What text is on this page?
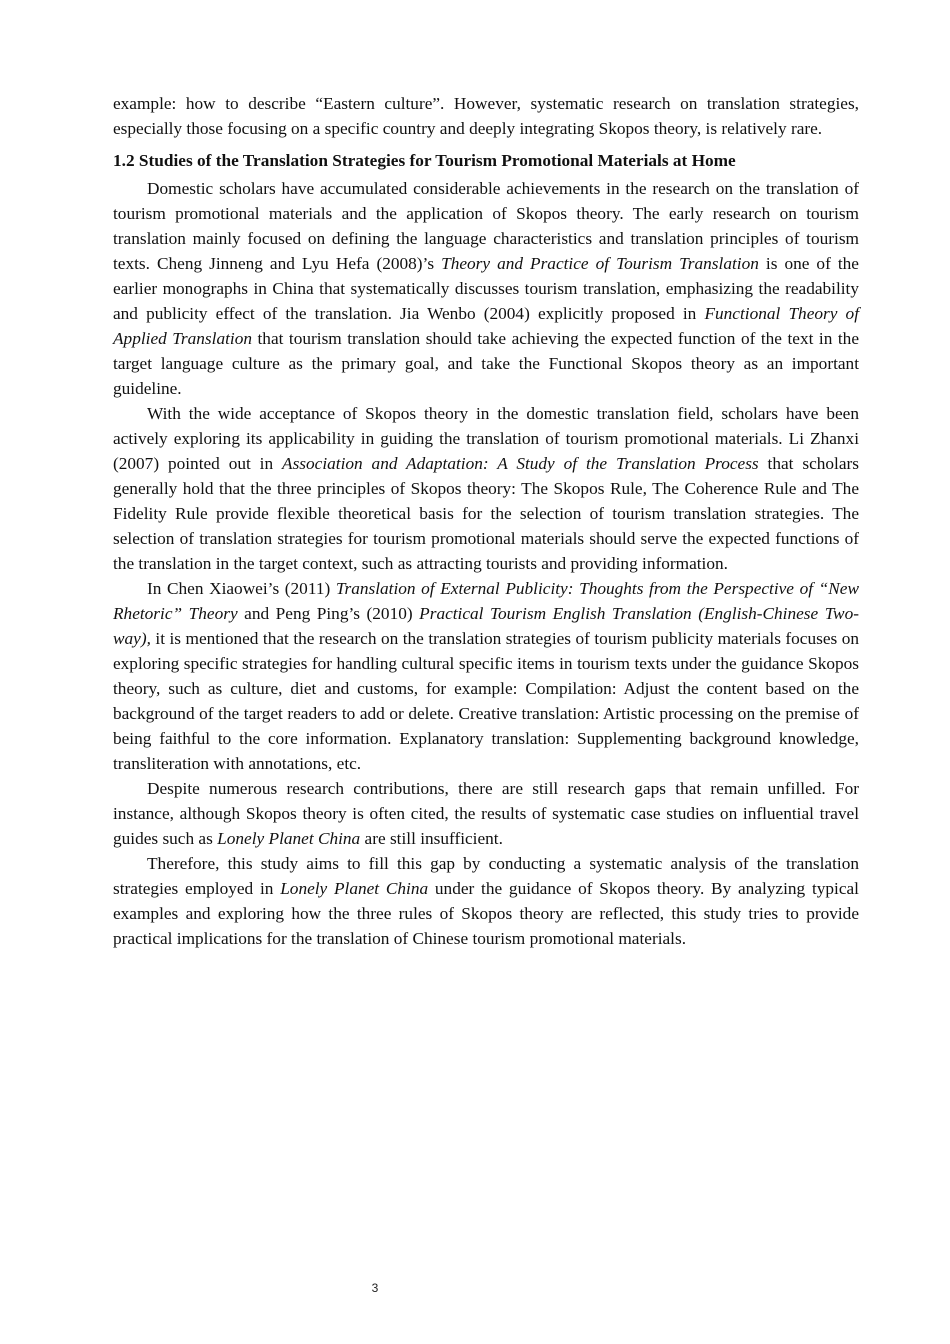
example: how to describe “Eastern culture”. However, systematic research on translation strategies, especially those focusing on a specific country and deeply integrating Skopos theory, is relatively rare.

1.2 Studies of the Translation Strategies for Tourism Promotional Materials at Home

Domestic scholars have accumulated considerable achievements in the research on the translation of tourism promotional materials and the application of Skopos theory. The early research on tourism translation mainly focused on defining the language characteristics and translation principles of tourism texts. Cheng Jinneng and Lyu Hefa (2008)’s Theory and Practice of Tourism Translation is one of the earlier monographs in China that systematically discusses tourism translation, emphasizing the readability and publicity effect of the translation. Jia Wenbo (2004) explicitly proposed in Functional Theory of Applied Translation that tourism translation should take achieving the expected function of the text in the target language culture as the primary goal, and take the Functional Skopos theory as an important guideline.

With the wide acceptance of Skopos theory in the domestic translation field, scholars have been actively exploring its applicability in guiding the translation of tourism promotional materials. Li Zhanxi (2007) pointed out in Association and Adaptation: A Study of the Translation Process that scholars generally hold that the three principles of Skopos theory: The Skopos Rule, The Coherence Rule and The Fidelity Rule provide flexible theoretical basis for the selection of tourism translation strategies. The selection of translation strategies for tourism promotional materials should serve the expected functions of the translation in the target context, such as attracting tourists and providing information.

In Chen Xiaowei’s (2011) Translation of External Publicity: Thoughts from the Perspective of “New Rhetoric” Theory and Peng Ping’s (2010) Practical Tourism English Translation (English-Chinese Two-way), it is mentioned that the research on the translation strategies of tourism publicity materials focuses on exploring specific strategies for handling cultural specific items in tourism texts under the guidance Skopos theory, such as culture, diet and customs, for example: Compilation: Adjust the content based on the background of the target readers to add or delete. Creative translation: Artistic processing on the premise of being faithful to the core information. Explanatory translation: Supplementing background knowledge, transliteration with annotations, etc.

Despite numerous research contributions, there are still research gaps that remain unfilled. For instance, although Skopos theory is often cited, the results of systematic case studies on influential travel guides such as Lonely Planet China are still insufficient.

Therefore, this study aims to fill this gap by conducting a systematic analysis of the translation strategies employed in Lonely Planet China under the guidance of Skopos theory. By analyzing typical examples and exploring how the three rules of Skopos theory are reflected, this study tries to provide practical implications for the translation of Chinese tourism promotional materials.

3
